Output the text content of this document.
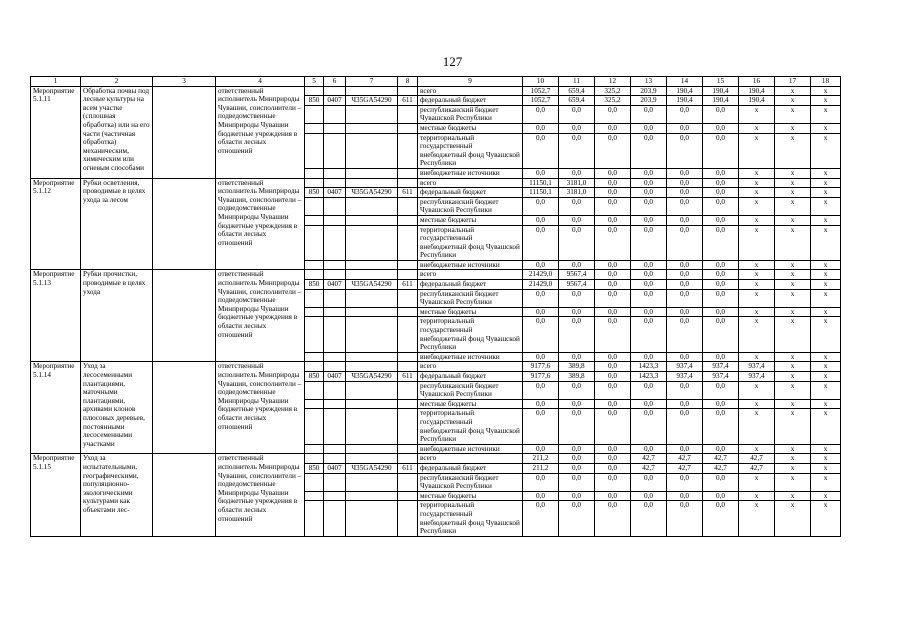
127
1	2	3	4	5	6	7	8	9	10	11	12	13	14	15	16	17	18
Мероприятие 5.1.11	Обработка почвы под лесные культуры на всем участке (сплошная обработка) или на его части (частичная обработка) механическим, химическим или огневым способами		ответственный исполнитель Минприроды Чувашии, соисполнители – подведомственные Минприроды Чувашии бюджетные учреждения в области лесных отношений					всего	1052,7	659,4	325,2	203,9	190,4	190,4	190,4	x	x
				850	0407	Ч35GA54290	611	федеральный бюджет	1052,7	659,4	325,2	203,9	190,4	190,4	190,4	x	x
								республиканский бюджет Чувашской Республики	0,0	0,0	0,0	0,0	0,0	0,0	x	x	x
								местные бюджеты	0,0	0,0	0,0	0,0	0,0	0,0	x	x	x
								территориальный государственный внебюджетный фонд Чувашской Республики	0,0	0,0	0,0	0,0	0,0	0,0	x	x	x
								внебюджетные источники	0,0	0,0	0,0	0,0	0,0	0,0	x	x	x
Мероприятие 5.1.12	Рубки осветления, проводимые в целях ухода за лесом		ответственный исполнитель Минприроды Чувашии, соисполнители – подведомственные Минприроды Чувашии бюджетные учреждения в области лесных отношений					всего	11150,1	3181,0	0,0	0,0	0,0	0,0	x	x	x
				850	0407	Ч35GA54290	611	федеральный бюджет	11150,1	3181,0	0,0	0,0	0,0	0,0	x	x	x
								республиканский бюджет Чувашской Республики	0,0	0,0	0,0	0,0	0,0	0,0	x	x	x
								местные бюджеты	0,0	0,0	0,0	0,0	0,0	0,0	x	x	x
								территориальный государственный внебюджетный фонд Чувашской Республики	0,0	0,0	0,0	0,0	0,0	0,0	x	x	x
								внебюджетные источники	0,0	0,0	0,0	0,0	0,0	0,0	x	x	x
Мероприятие 5.1.13	Рубки прочистки, проводимые в целях ухода		ответственный исполнитель Минприроды Чувашии, соисполнители – подведомственные Минприроды Чувашии бюджетные учреждения в области лесных отношений					всего	21429,0	9567,4	0,0	0,0	0,0	0,0	x	x	x
				850	0407	Ч35GA54290	611	федеральный бюджет	21429,0	9567,4	0,0	0,0	0,0	0,0	x	x	x
								республиканский бюджет Чувашской Республики	0,0	0,0	0,0	0,0	0,0	0,0	x	x	x
								местные бюджеты	0,0	0,0	0,0	0,0	0,0	0,0	x	x	x
								территориальный государственный внебюджетный фонд Чувашской Республики	0,0	0,0	0,0	0,0	0,0	0,0	x	x	x
								внебюджетные источники	0,0	0,0	0,0	0,0	0,0	0,0	x	x	x
Мероприятие 5.1.14	Уход за лесосеменными плантациями, маточными плантациями, архивами клонов плюсовых деревьев, постоянными лесосеменными участками		ответственный исполнитель Минприроды Чувашии, соисполнители – подведомственные Минприроды Чувашии бюджетные учреждения в области лесных отношений					всего	9177,6	389,8	0,0	1423,3	937,4	937,4	937,4	x	x
				850	0407	Ч35GA54290	611	федеральный бюджет	9177,6	389,8	0,0	1423,3	937,4	937,4	937,4	x	x
								республиканский бюджет Чувашской Республики	0,0	0,0	0,0	0,0	0,0	0,0	x	x	x
								местные бюджеты	0,0	0,0	0,0	0,0	0,0	0,0	x	x	x
								территориальный государственный внебюджетный фонд Чувашской Республики	0,0	0,0	0,0	0,0	0,0	0,0	x	x	x
								внебюджетные источники	0,0	0,0	0,0	0,0	0,0	0,0	x	x	x
Мероприятие 5.1.15	Уход за испытательными, географическими, популяционно-экологическими культурами как объектами лес-		ответственный исполнитель Минприроды Чувашии, соисполнители – подведомственные Минприроды Чувашии бюджетные учреждения в области лесных отношений					всего	211,2	0,0	0,0	42,7	42,7	42,7	42,7	x	x
				850	0407	Ч35GA54290	611	федеральный бюджет	211,2	0,0	0,0	42,7	42,7	42,7	42,7	x	x
								республиканский бюджет Чувашской Республики	0,0	0,0	0,0	0,0	0,0	0,0	x	x	x
								местные бюджеты	0,0	0,0	0,0	0,0	0,0	0,0	x	x	x
								территориальный государственный внебюджетный фонд Чувашской Республики	0,0	0,0	0,0	0,0	0,0	0,0	x	x	x
